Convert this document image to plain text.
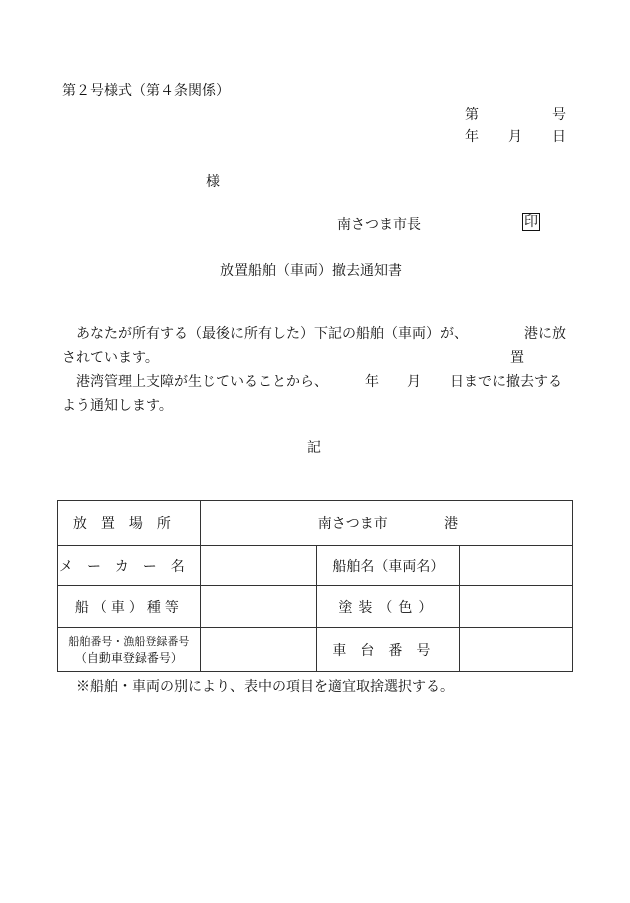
第２号様式（第４条関係）
第	号
年 月 日
様
南さつま市長	印
放置船舶（車両）撤去通知書
あなたが所有する（最後に所有した）下記の船舶（車両）が、	港に放置
されています。
港湾管理上支障が生じていることから、	年 月 日までに撤去する
よう通知します。
記
放置場所	南さつま市 港		
メーカー名		船舶名（車両名）	
船（車）種等		塗装（色）	

船舶番号・漁船登録番号
（自動車登録番号）		車台番号	
※船舶・車両の別により、表中の項目を適宜取捨選択する。
